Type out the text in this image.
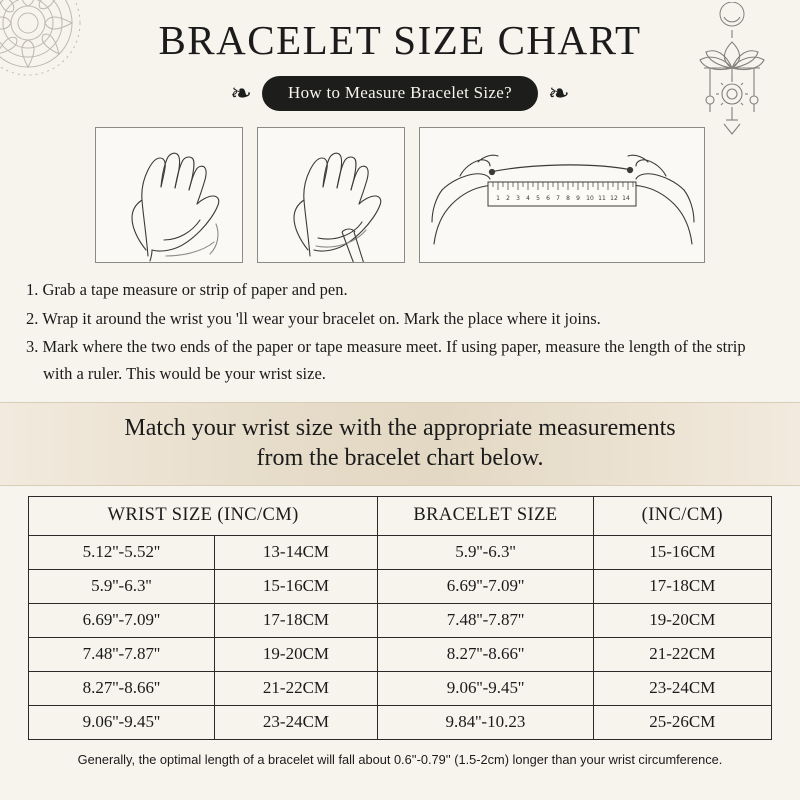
BRACELET SIZE CHART
❧	How to Measure Bracelet Size?	❧
1 2 3 4 5 6 7 8 9 10 11 12 14
1. Grab a tape measure or strip of paper and pen.
2. Wrap it around the wrist you 'll wear your bracelet on. Mark the place where it joins.
3. Mark where the two ends of the paper or tape measure meet. If using paper, measure the length of the strip with a ruler. This would be your wrist size.
Match your wrist size with the appropriate measurements
from the bracelet chart below.
WRIST SIZE (INC/CM)		BRACELET SIZE	(INC/CM)
5.12''-5.52''	13-14CM	5.9''-6.3''	15-16CM
5.9''-6.3''	15-16CM	6.69''-7.09''	17-18CM
6.69''-7.09''	17-18CM	7.48''-7.87''	19-20CM
7.48''-7.87''	19-20CM	8.27''-8.66''	21-22CM
8.27''-8.66''	21-22CM	9.06''-9.45''	23-24CM
9.06''-9.45''	23-24CM	9.84''-10.23	25-26CM
Generally, the optimal length of a bracelet will fall about 0.6''-0.79'' (1.5-2cm) longer than your wrist circumference.
